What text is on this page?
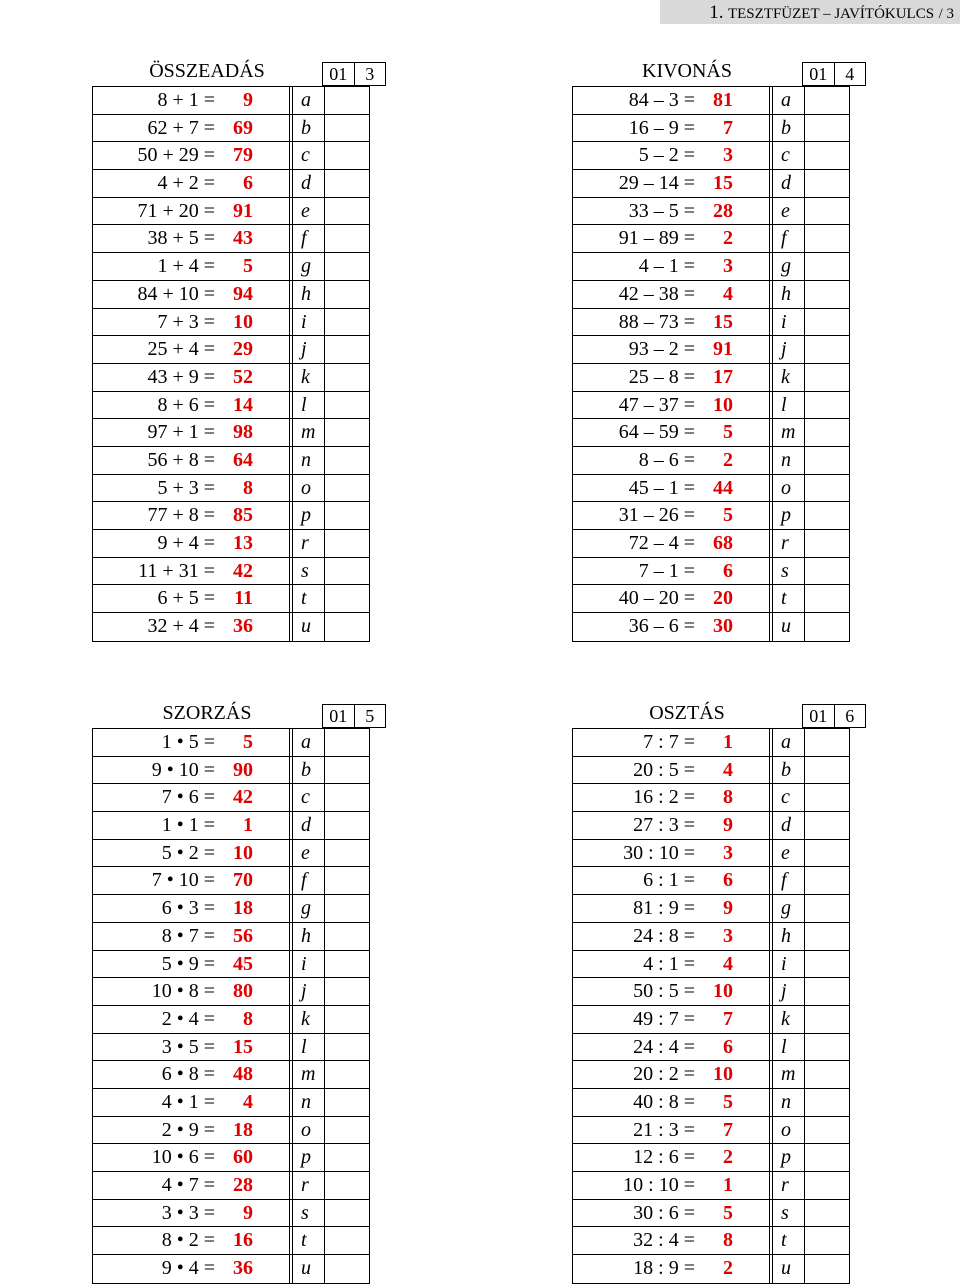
1. TESZTFÜZET – JAVÍTÓKULCS / 3
ÖSSZEADÁS	01	3
8 + 1 =	9	a
62 + 7 = 69	b
50 + 29 = 79	c
4 + 2 =	6	d
71 + 20 = 91	e
38 + 5 = 43	f
1 + 4 =	5	g
84 + 10 = 94	h
7 + 3 = 10	i
25 + 4 = 29	j
43 + 9 = 52	k
8 + 6 = 14	l
97 + 1 = 98	m
56 + 8 = 64	n
5 + 3 =	8	o
77 + 8 = 85	p
9 + 4 = 13	r
11 + 31 = 42	s
6 + 5 = 11	t
32 + 4 = 36	u
KIVONÁS	01	4
84 – 3 = 81	a
16 – 9 =	7	b
5 – 2 =	3	c
29 – 14 = 15	d
33 – 5 = 28	e
91 – 89 =	2	f
4 – 1 =	3	g
42 – 38 =	4	h
88 – 73 = 15	i
93 – 2 = 91	j
25 – 8 = 17	k
47 – 37 = 10	l
64 – 59 =	5	m
8 – 6 =	2	n
45 – 1 = 44	o
31 – 26 =	5	p
72 – 4 = 68	r
7 – 1 =	6	s
40 – 20 = 20	t
36 – 6 = 30	u
SZORZÁS	01	5
1 • 5 =	5	a
9 • 10 = 90	b
7 • 6 = 42	c
1 • 1 =	1	d
5 • 2 = 10	e
7 • 10 = 70	f
6 • 3 = 18	g
8 • 7 = 56	h
5 • 9 = 45	i
10 • 8 = 80	j
2 • 4 =	8	k
3 • 5 = 15	l
6 • 8 = 48	m
4 • 1 =	4	n
2 • 9 = 18	o
10 • 6 = 60	p
4 • 7 = 28	r
3 • 3 =	9	s
8 • 2 = 16	t
9 • 4 = 36	u
OSZTÁS	01	6
7 : 7 =	1	a
20 : 5 =	4	b
16 : 2 =	8	c
27 : 3 =	9	d
30 : 10 =	3	e
6 : 1 =	6	f
81 : 9 =	9	g
24 : 8 =	3	h
4 : 1 =	4	i
50 : 5 = 10	j
49 : 7 =	7	k
24 : 4 =	6	l
20 : 2 = 10	m
40 : 8 =	5	n
21 : 3 =	7	o
12 : 6 =	2	p
10 : 10 =	1	r
30 : 6 =	5	s
32 : 4 =	8	t
18 : 9 =	2	u
